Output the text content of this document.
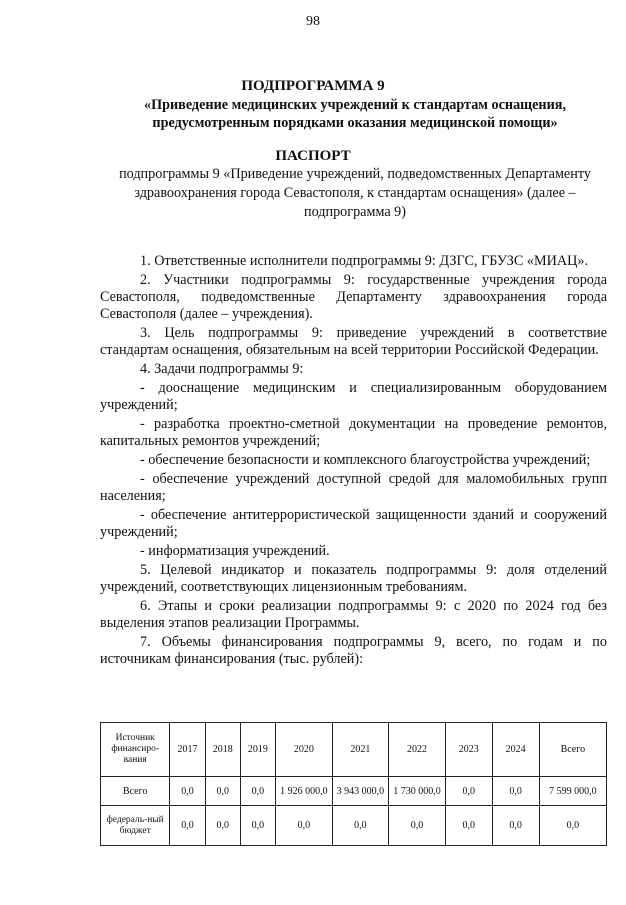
98
ПОДПРОГРАММА 9
«Приведение медицинских учреждений к стандартам оснащения, предусмотренным порядками оказания медицинской помощи»
ПАСПОРТ
подпрограммы 9 «Приведение учреждений, подведомственных Департаменту здравоохранения города Севастополя, к стандартам оснащения» (далее – подпрограмма 9)

1. Ответственные исполнители подпрограммы 9: ДЗГС, ГБУЗС «МИАЦ».

2. Участники подпрограммы 9: государственные учреждения города Севастополя, подведомственные Департаменту здравоохранения города Севастополя (далее – учреждения).

3. Цель подпрограммы 9: приведение учреждений в соответствие стандартам оснащения, обязательным на всей территории Российской Федерации.

4. Задачи подпрограммы 9:

- дооснащение медицинским и специализированным оборудованием учреждений;

- разработка проектно-сметной документации на проведение ремонтов, капитальных ремонтов учреждений;

- обеспечение безопасности и комплексного благоустройства учреждений;

- обеспечение учреждений доступной средой для маломобильных групп населения;

- обеспечение антитеррористической защищенности зданий и сооружений учреждений;

- информатизация учреждений.

5. Целевой индикатор и показатель подпрограммы 9: доля отделений учреждений, соответствующих лицензионным требованиям.

6. Этапы и сроки реализации подпрограммы 9: с 2020 по 2024 год без выделения этапов реализации Программы.

7. Объемы финансирования подпрограммы 9, всего, по годам и по источникам финансирования (тыс. рублей):

Источник финансиро-вания	2017	2018	2019	2020	2021	2022	2023	2024	Всего
Всего	0,0	0,0	0,0	1 926 000,0	3 943 000,0	1 730 000,0	0,0	0,0	7 599 000,0
федераль-ный бюджет	0,0	0,0	0,0	0,0	0,0	0,0	0,0	0,0	0,0
